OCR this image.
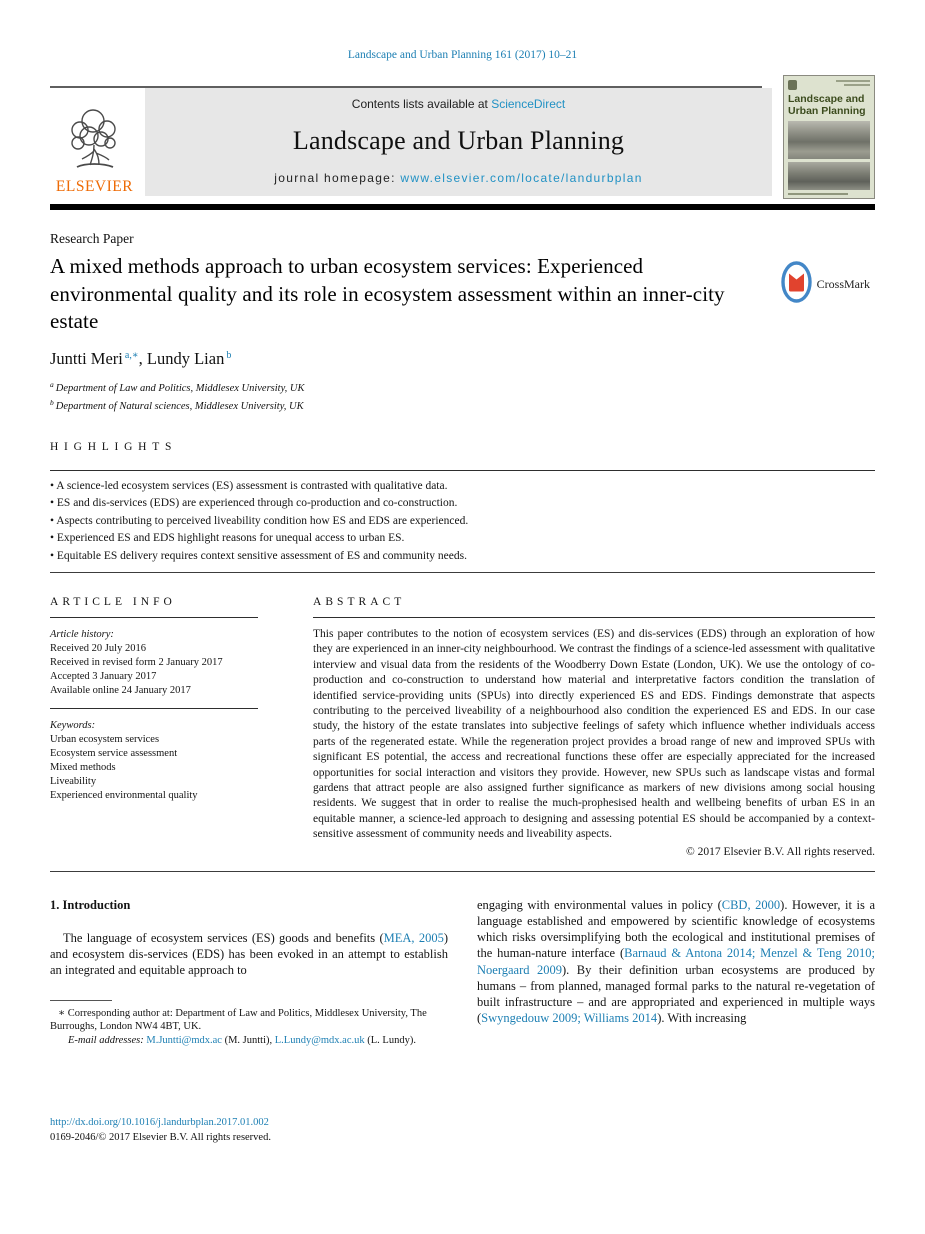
Landscape and Urban Planning 161 (2017) 10–21
ELSEVIER
Contents lists available at ScienceDirect
Landscape and Urban Planning
journal homepage: www.elsevier.com/locate/landurbplan
Landscape and Urban Planning
Research Paper
A mixed methods approach to urban ecosystem services: Experienced environmental quality and its role in ecosystem assessment within an inner-city estate
CrossMark
Juntti Meri $^{a,∗}$, Lundy Lian $^b$
$^a$ Department of Law and Politics, Middlesex University, UK
$^b$ Department of Natural sciences, Middlesex University, UK
HIGHLIGHTS
• A science-led ecosystem services (ES) assessment is contrasted with qualitative data.
• ES and dis-services (EDS) are experienced through co-production and co-construction.
• Aspects contributing to perceived liveability condition how ES and EDS are experienced.
• Experienced ES and EDS highlight reasons for unequal access to urban ES.
• Equitable ES delivery requires context sensitive assessment of ES and community needs.
ARTICLE INFO
Article history:
Received 20 July 2016
Received in revised form 2 January 2017
Accepted 3 January 2017
Available online 24 January 2017
Keywords:
Urban ecosystem services
Ecosystem service assessment
Mixed methods
Liveability
Experienced environmental quality
ABSTRACT
This paper contributes to the notion of ecosystem services (ES) and dis-services (EDS) through an exploration of how they are experienced in an inner-city neighbourhood. We contrast the findings of a science-led assessment with qualitative interview and visual data from the residents of the Woodberry Down Estate (London, UK). We use the ontology of co-production and co-construction to understand how material and interpretative factors condition the translation of identified service-providing units (SPUs) into directly experienced ES and EDS. Findings demonstrate that aspects contributing to the perceived liveability of a neighbourhood also condition the experienced ES and EDS. In our case study, the history of the estate translates into subjective feelings of safety which influence whether individuals access parts of the regenerated estate. While the regeneration project provides a broad range of new and improved SPUs with significant ES potential, the access and recreational functions these offer are especially appreciated for the increased opportunities for social interaction and visitors they provide. However, new SPUs such as landscape vistas and formal gardens that attract people are also assigned further significance as markers of new divisions among social housing residents. We suggest that in order to realise the much-prophesised health and wellbeing benefits of urban ES in an equitable manner, a science-led approach to designing and assessing potential ES should be accompanied by a context-sensitive assessment of community needs and liveability aspects.
© 2017 Elsevier B.V. All rights reserved.
1. Introduction

The language of ecosystem services (ES) goods and benefits (MEA, 2005) and ecosystem dis-services (EDS) has been evoked in an attempt to establish an integrated and equitable approach to

∗ Corresponding author at: Department of Law and Politics, Middlesex University, The Burroughs, London NW4 4BT, UK.
E-mail addresses: M.Juntti@mdx.ac (M. Juntti), L.Lundy@mdx.ac.uk (L. Lundy).

engaging with environmental values in policy (CBD, 2000). However, it is a language established and empowered by scientific knowledge of ecosystems which risks oversimplifying both the ecological and institutional premises of the human-nature interface (Barnaud & Antona 2014; Menzel & Teng 2010; Noergaard 2009). By their definition urban ecosystems are produced by humans – from planned, managed formal parks to the natural re-vegetation of built infrastructure – and are appropriated and experienced in multiple ways (Swyngedouw 2009; Williams 2014). With increasing

http://dx.doi.org/10.1016/j.landurbplan.2017.01.002
0169-2046/© 2017 Elsevier B.V. All rights reserved.
